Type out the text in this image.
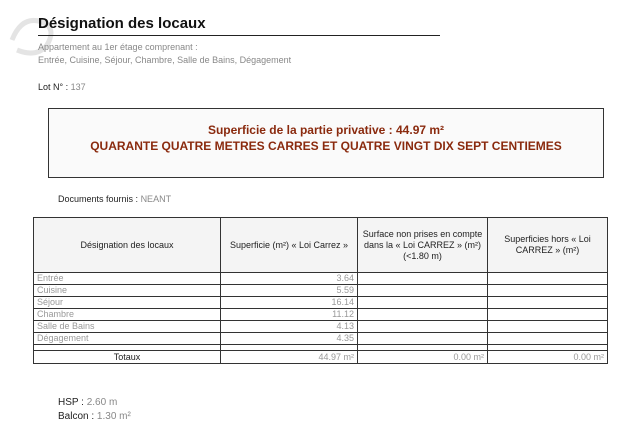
Désignation des locaux
Appartement au 1er étage comprenant :
Entrée, Cuisine, Séjour, Chambre, Salle de Bains, Dégagement
Lot N° : 137
Superficie de la partie privative : 44.97 m²
QUARANTE QUATRE METRES CARRES ET QUATRE VINGT DIX SEPT CENTIEMES
Documents fournis : NEANT
Désignation des locaux	Superficie (m²) « Loi Carrez »	Surface non prises en compte dans la « Loi CARREZ » (m²) (<1.80 m)	Superficies hors « Loi CARREZ » (m²)
Entrée	3.64		
Cuisine	5.59		
Séjour	16.14		
Chambre	11.12		
Salle de Bains	4.13		
Dégagement	4.35		

Totaux	44.97 m²	0.00 m²	0.00 m²
HSP : 2.60 m
Balcon : 1.30 m²
